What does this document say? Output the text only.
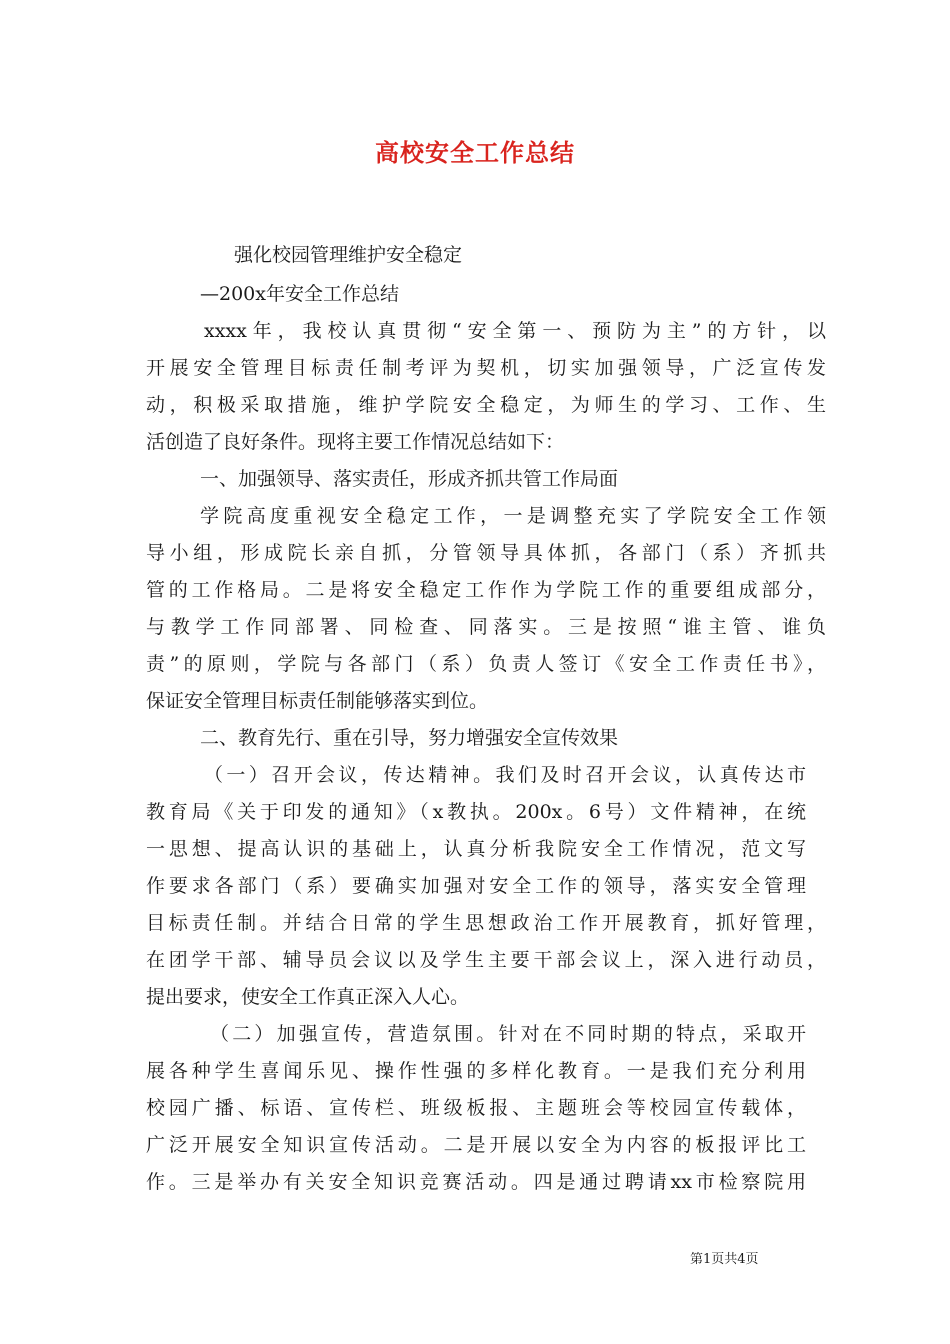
高校安全工作总结

强化校园管理维护安全稳定

—200x年安全工作总结

xxxx年，我校认真贯彻“安全第一、预防为主”的方针，以

开展安全管理目标责任制考评为契机，切实加强领导，广泛宣传发

动，积极采取措施，维护学院安全稳定，为师生的学习、工作、生

活创造了良好条件。现将主要工作情况总结如下：

一、加强领导、落实责任，形成齐抓共管工作局面

学院高度重视安全稳定工作，一是调整充实了学院安全工作领

导小组，形成院长亲自抓，分管领导具体抓，各部门（系）齐抓共

管的工作格局。二是将安全稳定工作作为学院工作的重要组成部分，

与教学工作同部署、同检查、同落实。三是按照“谁主管、谁负

责”的原则，学院与各部门（系）负责人签订《安全工作责任书》，

保证安全管理目标责任制能够落实到位。

二、教育先行、重在引导，努力增强安全宣传效果

（一）召开会议，传达精神。我们及时召开会议，认真传达市

教育局《关于印发的通知》（x教执。200x。6号）文件精神，在统

一思想、提高认识的基础上，认真分析我院安全工作情况，范文写

作要求各部门（系）要确实加强对安全工作的领导，落实安全管理

目标责任制。并结合日常的学生思想政治工作开展教育，抓好管理，

在团学干部、辅导员会议以及学生主要干部会议上，深入进行动员，

提出要求，使安全工作真正深入人心。

（二）加强宣传，营造氛围。针对在不同时期的特点，采取开

展各种学生喜闻乐见、操作性强的多样化教育。一是我们充分利用

校园广播、标语、宣传栏、班级板报、主题班会等校园宣传载体，

广泛开展安全知识宣传活动。二是开展以安全为内容的板报评比工

作。三是举办有关安全知识竞赛活动。四是通过聘请xx市检察院用

第1页共4页
